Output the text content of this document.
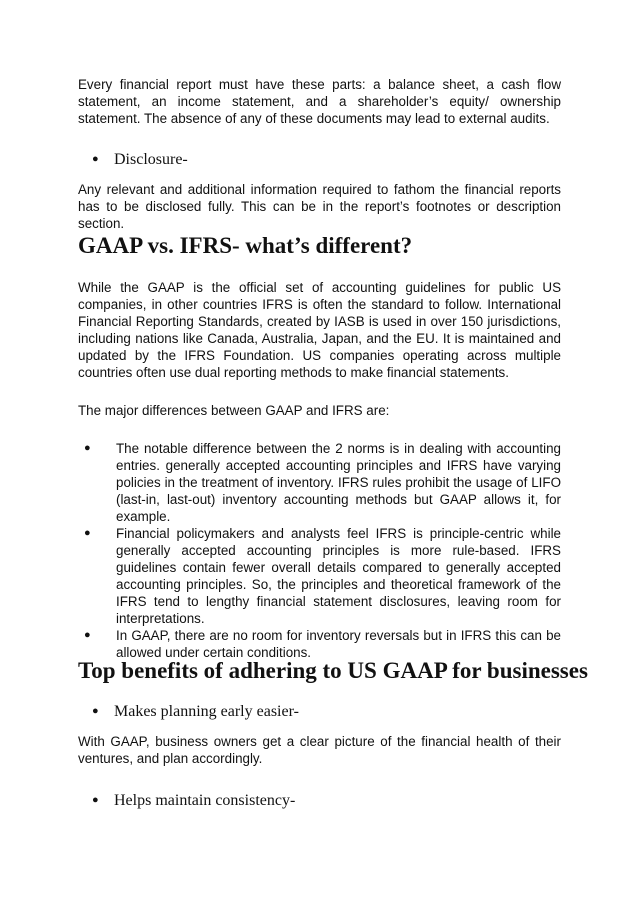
Every financial report must have these parts: a balance sheet, a cash flow statement, an income statement, and a shareholder’s equity/ ownership statement. The absence of any of these documents may lead to external audits.

● Disclosure-

Any relevant and additional information required to fathom the financial reports has to be disclosed fully. This can be in the report’s footnotes or description section.

GAAP vs. IFRS- what’s different?

While the GAAP is the official set of accounting guidelines for public US companies, in other countries IFRS is often the standard to follow. International Financial Reporting Standards, created by IASB is used in over 150 jurisdictions, including nations like Canada, Australia, Japan, and the EU. It is maintained and updated by the IFRS Foundation. US companies operating across multiple countries often use dual reporting methods to make financial statements.

The major differences between GAAP and IFRS are:

● The notable difference between the 2 norms is in dealing with accounting entries. generally accepted accounting principles and IFRS have varying policies in the treatment of inventory. IFRS rules prohibit the usage of LIFO (last-in, last-out) inventory accounting methods but GAAP allows it, for example.
● Financial policymakers and analysts feel IFRS is principle-centric while generally accepted accounting principles is more rule-based. IFRS guidelines contain fewer overall details compared to generally accepted accounting principles. So, the principles and theoretical framework of the IFRS tend to lengthy financial statement disclosures, leaving room for interpretations.
● In GAAP, there are no room for inventory reversals but in IFRS this can be allowed under certain conditions.
Top benefits of adhering to US GAAP for businesses
● Makes planning early easier-

With GAAP, business owners get a clear picture of the financial health of their ventures, and plan accordingly.

● Helps maintain consistency-
